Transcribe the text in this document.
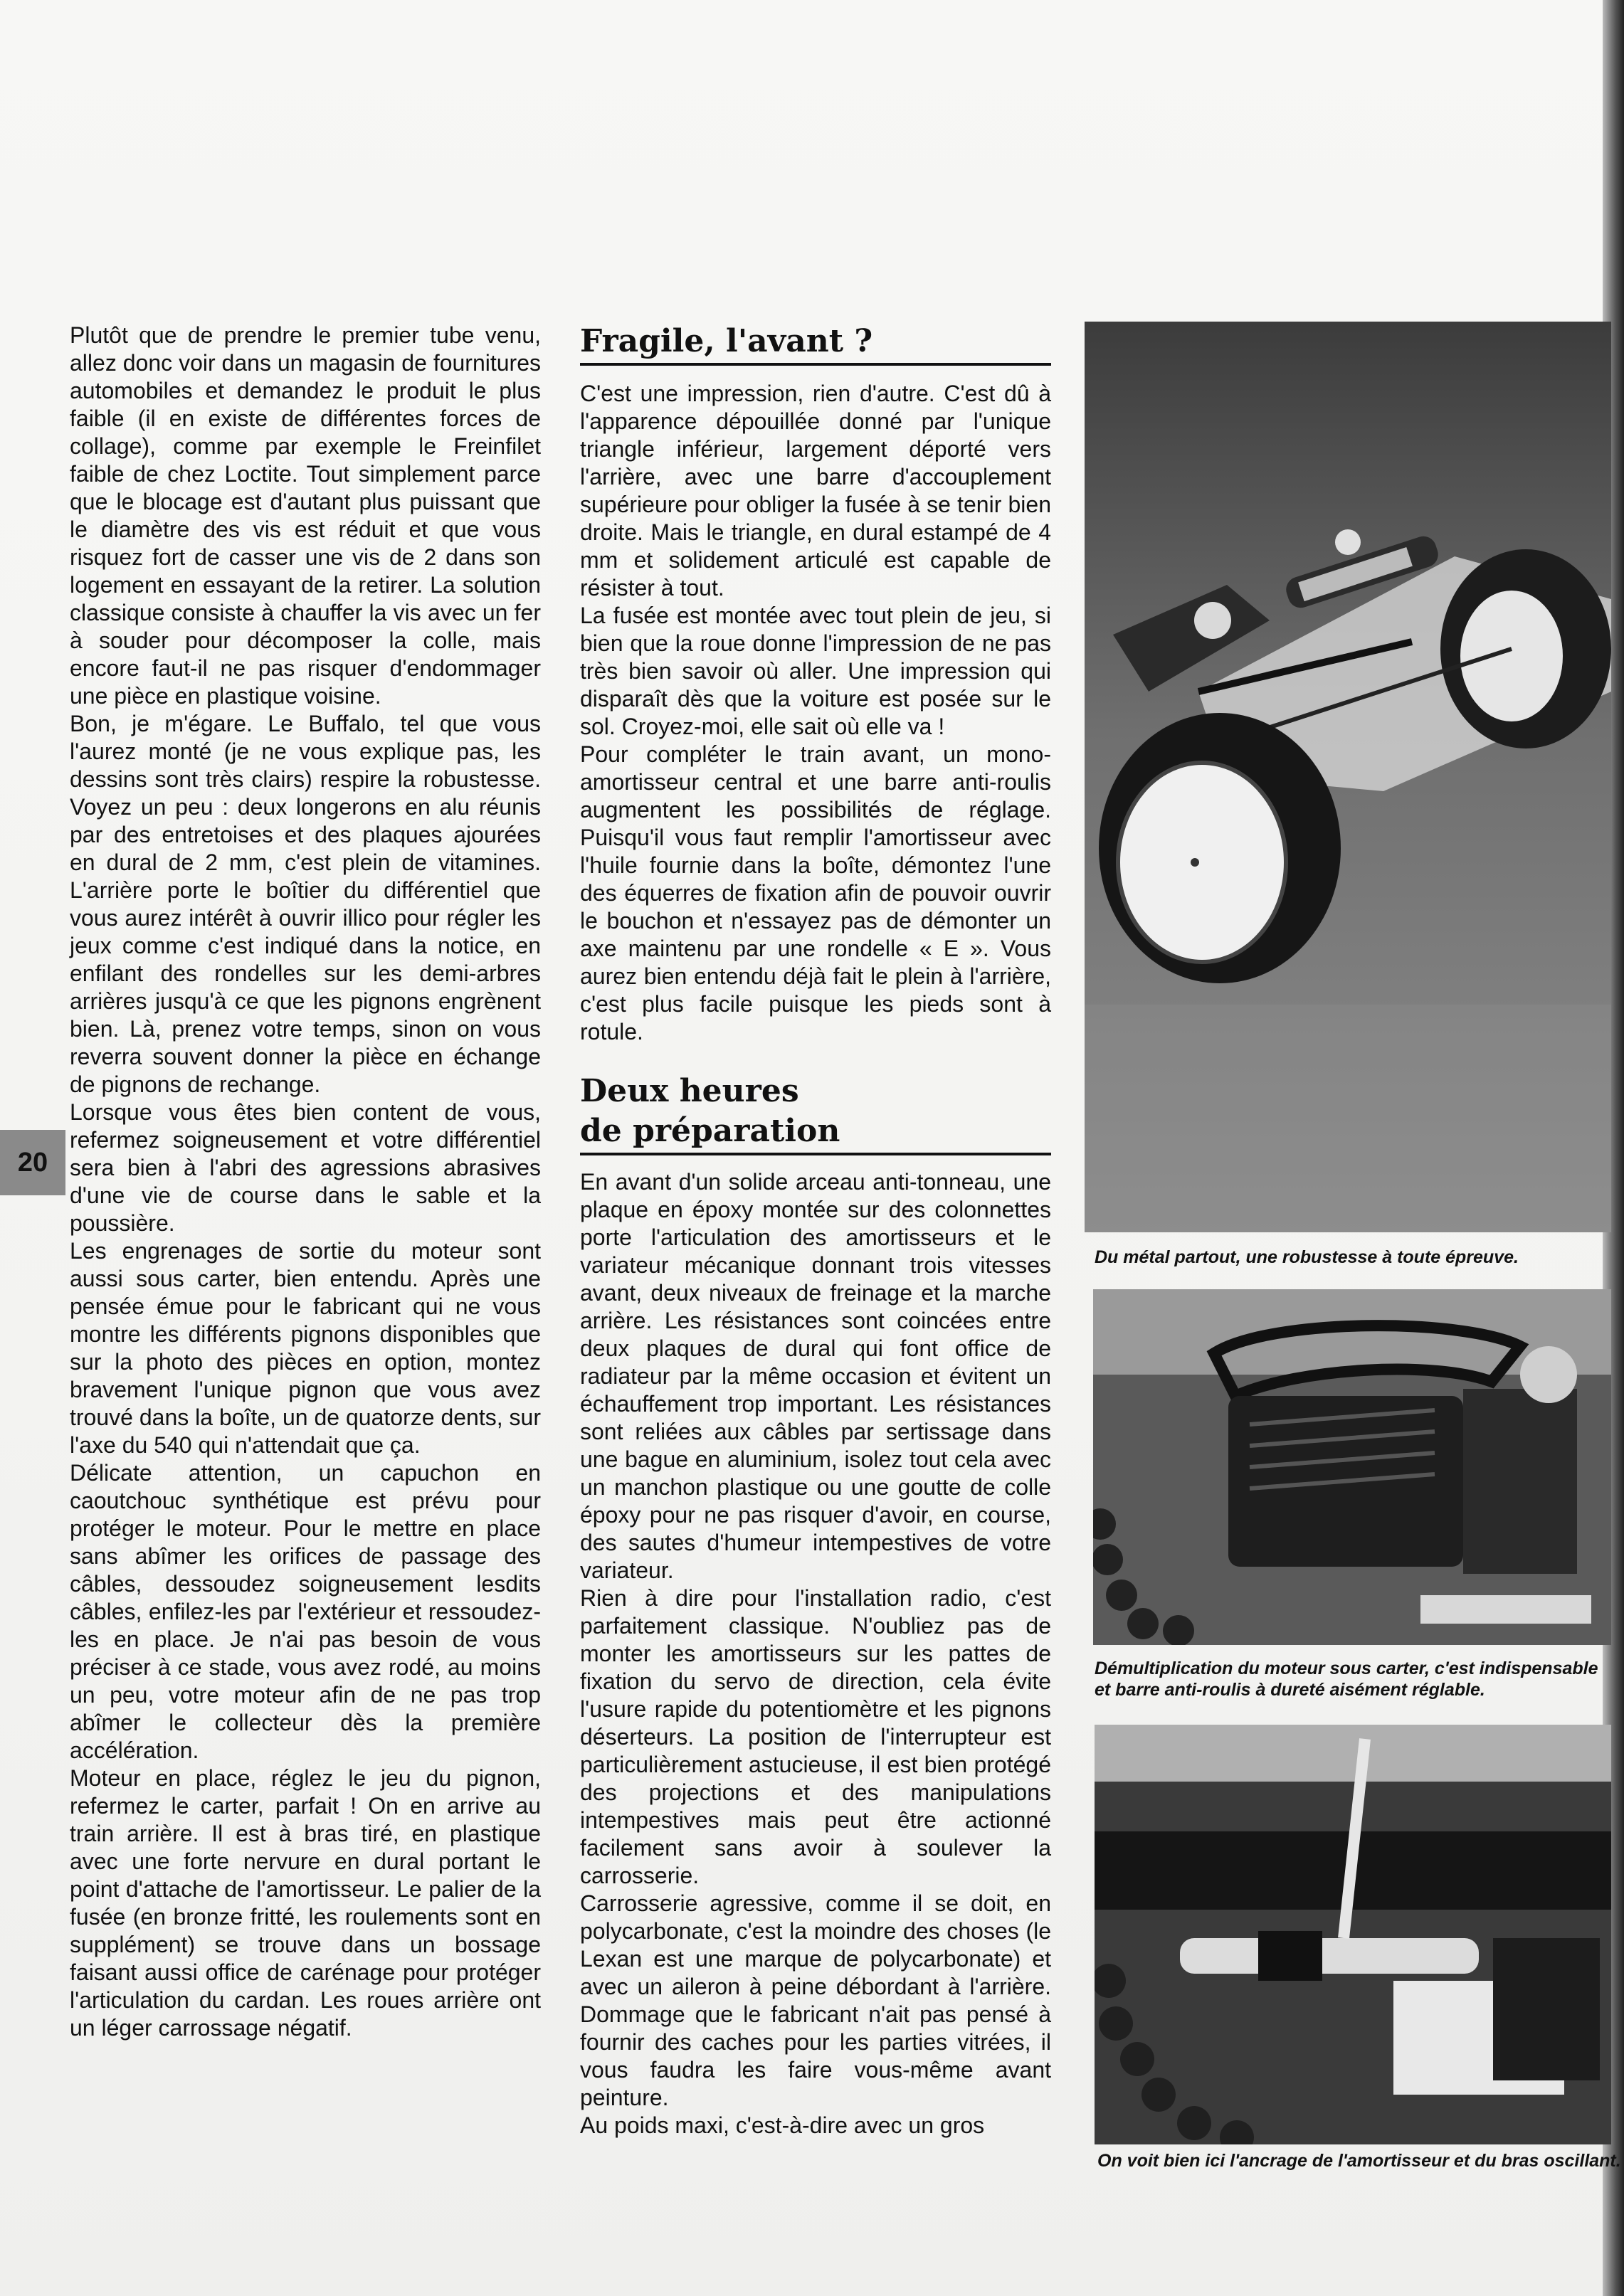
20

Plutôt que de prendre le premier tube venu, allez donc voir dans un magasin de fournitures automobiles et demandez le produit le plus faible (il en existe de différentes forces de collage), comme par exemple le Freinfilet faible de chez Loctite. Tout simplement parce que le blocage est d'autant plus puissant que le diamètre des vis est réduit et que vous risquez fort de casser une vis de 2 dans son logement en essayant de la retirer. La solution classique consiste à chauffer la vis avec un fer à souder pour décomposer la colle, mais encore faut-il ne pas risquer d'endommager une pièce en plastique voisine.

Bon, je m'égare. Le Buffalo, tel que vous l'aurez monté (je ne vous explique pas, les dessins sont très clairs) respire la robustesse. Voyez un peu : deux longerons en alu réunis par des entretoises et des plaques ajourées en dural de 2 mm, c'est plein de vitamines. L'arrière porte le boîtier du différentiel que vous aurez intérêt à ouvrir illico pour régler les jeux comme c'est indiqué dans la notice, en enfilant des rondelles sur les demi-arbres arrières jusqu'à ce que les pignons engrènent bien. Là, prenez votre temps, sinon on vous reverra souvent donner la pièce en échange de pignons de rechange.

Lorsque vous êtes bien content de vous, refermez soigneusement et votre différentiel sera bien à l'abri des agressions abrasives d'une vie de course dans le sable et la poussière.

Les engrenages de sortie du moteur sont aussi sous carter, bien entendu. Après une pensée émue pour le fabricant qui ne vous montre les différents pignons disponibles que sur la photo des pièces en option, montez bravement l'unique pignon que vous avez trouvé dans la boîte, un de quatorze dents, sur l'axe du 540 qui n'attendait que ça.

Délicate attention, un capuchon en caoutchouc synthétique est prévu pour protéger le moteur. Pour le mettre en place sans abîmer les orifices de passage des câbles, dessoudez soigneusement lesdits câbles, enfilez-les par l'extérieur et ressoudez-les en place. Je n'ai pas besoin de vous préciser à ce stade, vous avez rodé, au moins un peu, votre moteur afin de ne pas trop abîmer le collecteur dès la première accélération.

Moteur en place, réglez le jeu du pignon, refermez le carter, parfait ! On en arrive au train arrière. Il est à bras tiré, en plastique avec une forte nervure en dural portant le point d'attache de l'amortisseur. Le palier de la fusée (en bronze fritté, les roulements sont en supplément) se trouve dans un bossage faisant aussi office de carénage pour protéger l'articulation du cardan. Les roues arrière ont un léger carrossage négatif.

Fragile, l'avant ?

C'est une impression, rien d'autre. C'est dû à l'apparence dépouillée donné par l'unique triangle inférieur, largement déporté vers l'arrière, avec une barre d'accouplement supérieure pour obliger la fusée à se tenir bien droite. Mais le triangle, en dural estampé de 4 mm et solidement articulé est capable de résister à tout.

La fusée est montée avec tout plein de jeu, si bien que la roue donne l'impression de ne pas très bien savoir où aller. Une impression qui disparaît dès que la voiture est posée sur le sol. Croyez-moi, elle sait où elle va !

Pour compléter le train avant, un mono-amortisseur central et une barre anti-roulis augmentent les possibilités de réglage. Puisqu'il vous faut remplir l'amortisseur avec l'huile fournie dans la boîte, démontez l'une des équerres de fixation afin de pouvoir ouvrir le bouchon et n'essayez pas de démonter un axe maintenu par une rondelle « E ». Vous aurez bien entendu déjà fait le plein à l'arrière, c'est plus facile puisque les pieds sont à rotule.

Deux heures
de préparation

En avant d'un solide arceau anti-tonneau, une plaque en époxy montée sur des colonnettes porte l'articulation des amortisseurs et le variateur mécanique donnant trois vitesses avant, deux niveaux de freinage et la marche arrière. Les résistances sont coincées entre deux plaques de dural qui font office de radiateur par la même occasion et évitent un échauffement trop important. Les résistances sont reliées aux câbles par sertissage dans une bague en aluminium, isolez tout cela avec un manchon plastique ou une goutte de colle époxy pour ne pas risquer d'avoir, en course, des sautes d'humeur intempestives de votre variateur.

Rien à dire pour l'installation radio, c'est parfaitement classique. N'oubliez pas de monter les amortisseurs sur les pattes de fixation du servo de direction, cela évite l'usure rapide du potentiomètre et les pignons déserteurs. La position de l'interrupteur est particulièrement astucieuse, il est bien protégé des projections et des manipulations intempestives mais peut être actionné facilement sans avoir à soulever la carrosserie.

Carrosserie agressive, comme il se doit, en polycarbonate, c'est la moindre des choses (le Lexan est une marque de polycarbonate) et avec un aileron à peine débordant à l'arrière. Dommage que le fabricant n'ait pas pensé à fournir des caches pour les parties vitrées, il vous faudra les faire vous-même avant peinture.

Au poids maxi, c'est-à-dire avec un gros

Du métal partout, une robustesse à toute épreuve.
Démultiplication du moteur sous carter, c'est indispensable et barre anti-roulis à dureté aisément réglable.
On voit bien ici l'ancrage de l'amortisseur et du bras oscillant.
